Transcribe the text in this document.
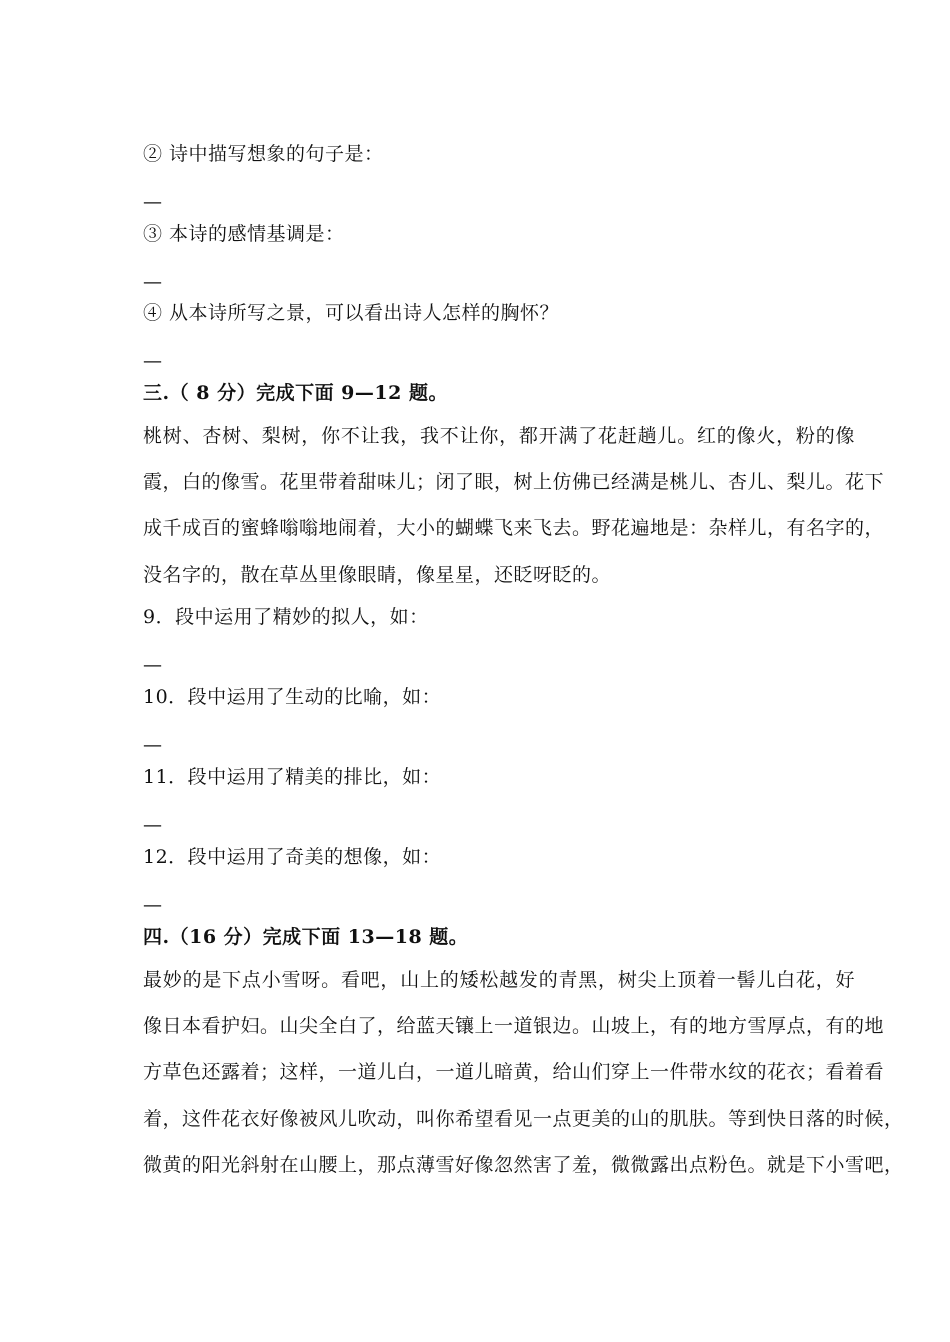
② 诗中描写想象的句子是：
—
③ 本诗的感情基调是：
—
④ 从本诗所写之景，可以看出诗人怎样的胸怀？
—
三.（ 8 分）完成下面 9—12 题。
桃树、杏树、梨树，你不让我，我不让你，都开满了花赶趟儿。红的像火，粉的像
霞，白的像雪。花里带着甜味儿；闭了眼，树上仿佛已经满是桃儿、杏儿、梨儿。花下
成千成百的蜜蜂嗡嗡地闹着，大小的蝴蝶飞来飞去。野花遍地是：杂样儿，有名字的，
没名字的，散在草丛里像眼睛，像星星，还眨呀眨的。
9．段中运用了精妙的拟人，如：
—
10．段中运用了生动的比喻，如：
—
11．段中运用了精美的排比，如：
—
12．段中运用了奇美的想像，如：
—
四.（16 分）完成下面 13—18 题。
最妙的是下点小雪呀。看吧，山上的矮松越发的青黑，树尖上顶着一髻儿白花，好
像日本看护妇。山尖全白了，给蓝天镶上一道银边。山坡上，有的地方雪厚点，有的地
方草色还露着；这样，一道儿白，一道儿暗黄，给山们穿上一件带水纹的花衣；看着看
着，这件花衣好像被风儿吹动，叫你希望看见一点更美的山的肌肤。等到快日落的时候，
微黄的阳光斜射在山腰上，那点薄雪好像忽然害了羞，微微露出点粉色。就是下小雪吧，
